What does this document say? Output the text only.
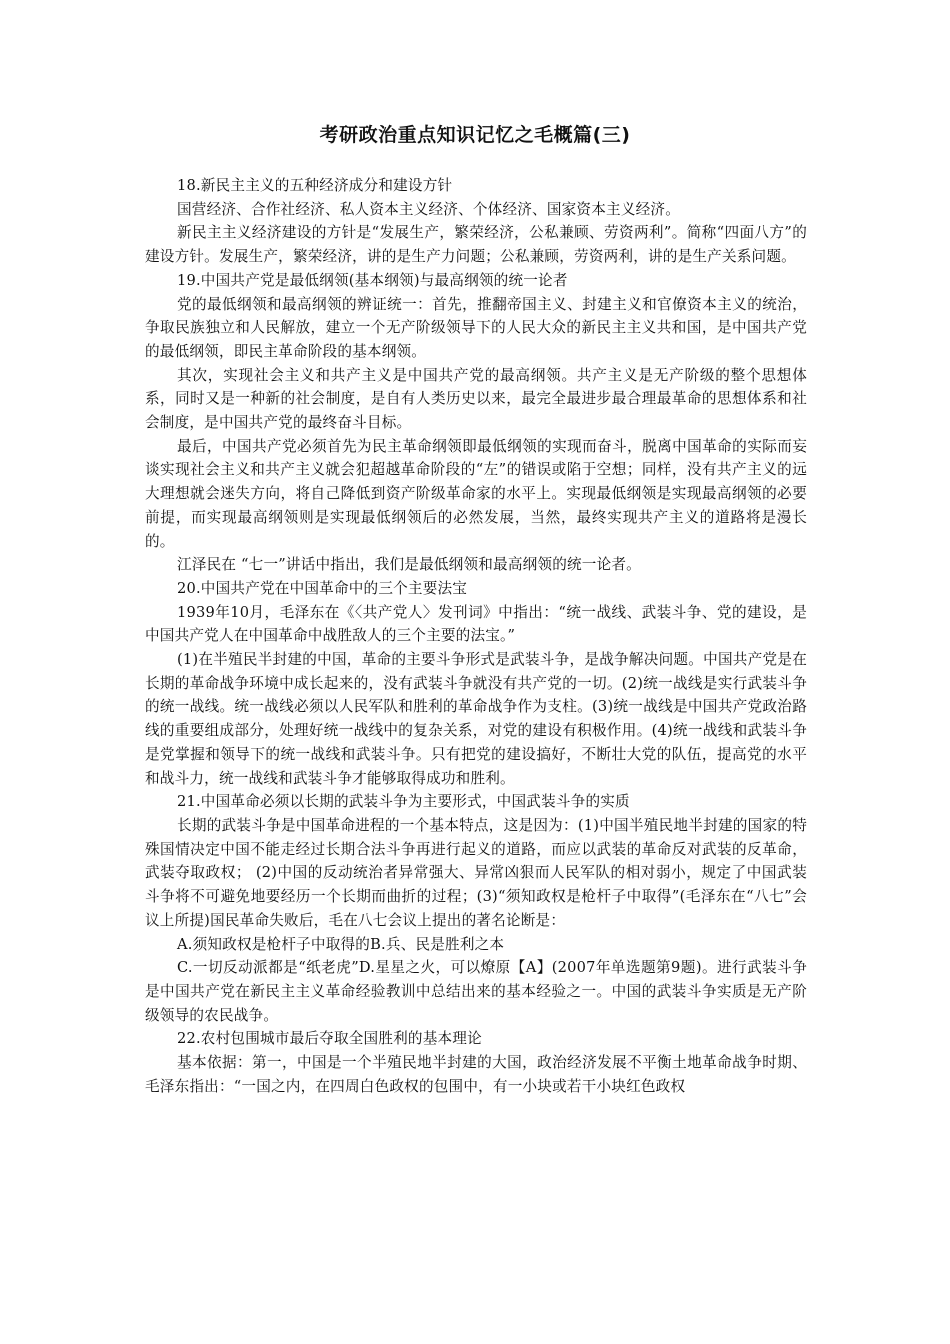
考研政治重点知识记忆之毛概篇(三)

18.新民主主义的五种经济成分和建设方针

国营经济、合作社经济、私人资本主义经济、个体经济、国家资本主义经济。

新民主主义经济建设的方针是“发展生产，繁荣经济，公私兼顾、劳资两利”。简称“四面八方”的建设方针。发展生产，繁荣经济，讲的是生产力问题；公私兼顾，劳资两利，讲的是生产关系问题。

19.中国共产党是最低纲领(基本纲领)与最高纲领的统一论者

党的最低纲领和最高纲领的辨证统一：首先，推翻帝国主义、封建主义和官僚资本主义的统治，争取民族独立和人民解放，建立一个无产阶级领导下的人民大众的新民主主义共和国，是中国共产党的最低纲领，即民主革命阶段的基本纲领。

其次，实现社会主义和共产主义是中国共产党的最高纲领。共产主义是无产阶级的整个思想体系，同时又是一种新的社会制度，是自有人类历史以来，最完全最进步最合理最革命的思想体系和社会制度，是中国共产党的最终奋斗目标。

最后，中国共产党必须首先为民主革命纲领即最低纲领的实现而奋斗，脱离中国革命的实际而妄谈实现社会主义和共产主义就会犯超越革命阶段的“左”的错误或陷于空想；同样，没有共产主义的远大理想就会迷失方向，将自己降低到资产阶级革命家的水平上。实现最低纲领是实现最高纲领的必要前提，而实现最高纲领则是实现最低纲领后的必然发展，当然，最终实现共产主义的道路将是漫长的。

江泽民在 “七一”讲话中指出，我们是最低纲领和最高纲领的统一论者。

20.中国共产党在中国革命中的三个主要法宝

1939年10月，毛泽东在《〈共产党人〉发刊词》中指出：“统一战线、武装斗争、党的建设，是中国共产党人在中国革命中战胜敌人的三个主要的法宝。”

(1)在半殖民半封建的中国，革命的主要斗争形式是武装斗争，是战争解决问题。中国共产党是在长期的革命战争环境中成长起来的，没有武装斗争就没有共产党的一切。(2)统一战线是实行武装斗争的统一战线。统一战线必须以人民军队和胜利的革命战争作为支柱。(3)统一战线是中国共产党政治路线的重要组成部分，处理好统一战线中的复杂关系，对党的建设有积极作用。(4)统一战线和武装斗争是党掌握和领导下的统一战线和武装斗争。只有把党的建设搞好，不断壮大党的队伍，提高党的水平和战斗力，统一战线和武装斗争才能够取得成功和胜利。

21.中国革命必须以长期的武装斗争为主要形式，中国武装斗争的实质

长期的武装斗争是中国革命进程的一个基本特点，这是因为：(1)中国半殖民地半封建的国家的特殊国情决定中国不能走经过长期合法斗争再进行起义的道路，而应以武装的革命反对武装的反革命，武装夺取政权； (2)中国的反动统治者异常强大、异常凶狠而人民军队的相对弱小，规定了中国武装斗争将不可避免地要经历一个长期而曲折的过程；(3)“须知政权是枪杆子中取得”(毛泽东在“八七”会议上所提)国民革命失败后，毛在八七会议上提出的著名论断是：

A.须知政权是枪杆子中取得的B.兵、民是胜利之本

C.一切反动派都是“纸老虎”D.星星之火，可以燎原【A】(2007年单选题第9题)。进行武装斗争是中国共产党在新民主主义革命经验教训中总结出来的基本经验之一。中国的武装斗争实质是无产阶级领导的农民战争。

22.农村包围城市最后夺取全国胜利的基本理论

基本依据：第一，中国是一个半殖民地半封建的大国，政治经济发展不平衡土地革命战争时期、毛泽东指出：“一国之内，在四周白色政权的包围中，有一小块或若干小块红色政权
